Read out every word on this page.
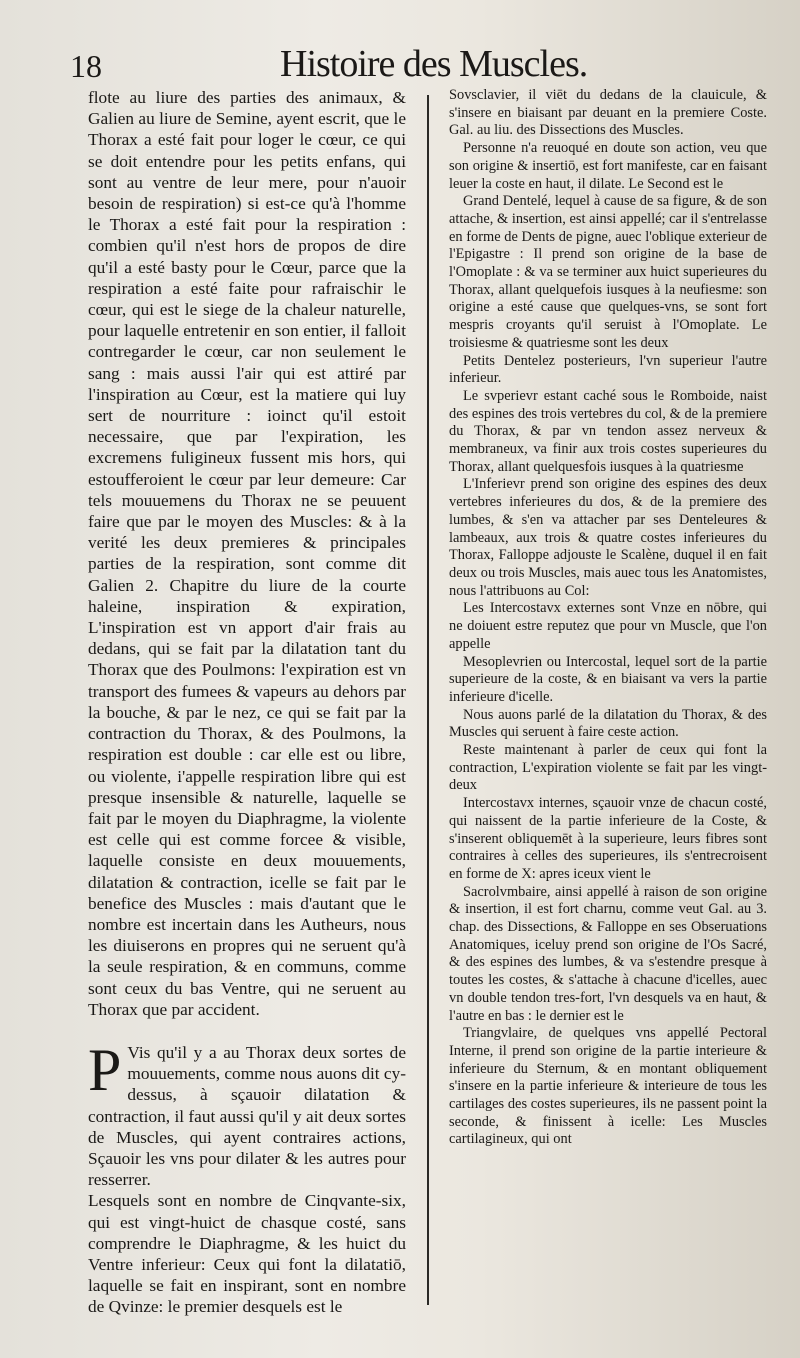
18	Histoire des Muscles.

flote au liure des parties des animaux, & Galien au liure de Semine, ayent escrit, que le Thorax a esté fait pour loger le cœur, ce qui se doit entendre pour les petits enfans, qui sont au ventre de leur mere, pour n'auoir besoin de respiration) si est-ce qu'à l'homme le Thorax a esté fait pour la respiration : combien qu'il n'est hors de propos de dire qu'il a esté basty pour le Cœur, parce que la respiration a esté faite pour rafraischir le cœur, qui est le siege de la chaleur naturelle, pour laquelle entretenir en son entier, il falloit contregarder le cœur, car non seulement le sang : mais aussi l'air qui est attiré par l'inspiration au Cœur, est la matiere qui luy sert de nourriture : ioinct qu'il estoit necessaire, que par l'expiration, les excremens fuligineux fussent mis hors, qui estoufferoient le cœur par leur demeure: Car tels mouuemens du Thorax ne se peuuent faire que par le moyen des Muscles: & à la verité les deux premieres & principales parties de la respiration, sont comme dit Galien 2. Chapitre du liure de la courte haleine, inspiration & expiration, L'inspiration est vn apport d'air frais au dedans, qui se fait par la dilatation tant du Thorax que des Poulmons: l'expiration est vn transport des fumees & vapeurs au dehors par la bouche, & par le nez, ce qui se fait par la contraction du Thorax, & des Poulmons, la respiration est double : car elle est ou libre, ou violente, i'appelle respiration libre qui est presque insensible & naturelle, laquelle se fait par le moyen du Diaphragme, la violente est celle qui est comme forcee & visible, laquelle consiste en deux mouuements, dilatation & contraction, icelle se fait par le benefice des Muscles : mais d'autant que le nombre est incertain dans les Autheurs, nous les diuiserons en propres qui ne seruent qu'à la seule respiration, & en communs, comme sont ceux du bas Ventre, qui ne seruent au Thorax que par accident.

P Vis qu'il y a au Thorax deux sortes de mouuements, comme nous auons dit cy-dessus, à sçauoir dilatation & contraction, il faut aussi qu'il y ait deux sortes de Muscles, qui ayent contraires actions, Sçauoir les vns pour dilater & les autres pour resserrer.

Lesquels sont en nombre de Cinqvante-six, qui est vingt-huict de chasque costé, sans comprendre le Diaphragme, & les huict du Ventre inferieur: Ceux qui font la dilatatiō, laquelle se fait en inspirant, sont en nombre de Qvinze: le premier desquels est le

Sovsclavier, il viēt du dedans de la clauicule, & s'insere en biaisant par deuant en la premiere Coste. Gal. au liu. des Dissections des Muscles.

Personne n'a reuoqué en doute son action, veu que son origine & insertiō, est fort manifeste, car en faisant leuer la coste en haut, il dilate. Le Second est le

Grand Dentelé, lequel à cause de sa figure, & de son attache, & insertion, est ainsi appellé; car il s'entrelasse en forme de Dents de pigne, auec l'oblique exterieur de l'Epigastre : Il prend son origine de la base de l'Omoplate : & va se terminer aux huict superieures du Thorax, allant quelquefois iusques à la neufiesme: son origine a esté cause que quelques-vns, se sont fort mespris croyants qu'il seruist à l'Omoplate. Le troisiesme & quatriesme sont les deux

Petits Dentelez posterieurs, l'vn superieur l'autre inferieur.

Le svperievr estant caché sous le Romboide, naist des espines des trois vertebres du col, & de la premiere du Thorax, & par vn tendon assez nerveux & membraneux, va finir aux trois costes superieures du Thorax, allant quelquesfois iusques à la quatriesme

L'Inferievr prend son origine des espines des deux vertebres inferieures du dos, & de la premiere des lumbes, & s'en va attacher par ses Denteleures & lambeaux, aux trois & quatre costes inferieures du Thorax, Falloppe adjouste le Scalène, duquel il en fait deux ou trois Muscles, mais auec tous les Anatomistes, nous l'attribuons au Col:

Les Intercostavx externes sont Vnze en nōbre, qui ne doiuent estre reputez que pour vn Muscle, que l'on appelle

Mesoplevrien ou Intercostal, lequel sort de la partie superieure de la coste, & en biaisant va vers la partie inferieure d'icelle.

Nous auons parlé de la dilatation du Thorax, & des Muscles qui seruent à faire ceste action.

Reste maintenant à parler de ceux qui font la contraction, L'expiration violente se fait par les vingt-deux

Intercostavx internes, sçauoir vnze de chacun costé, qui naissent de la partie inferieure de la Coste, & s'inserent obliquemēt à la superieure, leurs fibres sont contraires à celles des superieures, ils s'entrecroisent en forme de X: apres iceux vient le

Sacrolvmbaire, ainsi appellé à raison de son origine & insertion, il est fort charnu, comme veut Gal. au 3. chap. des Dissections, & Falloppe en ses Obseruations Anatomiques, iceluy prend son origine de l'Os Sacré, & des espines des lumbes, & va s'estendre presque à toutes les costes, & s'attache à chacune d'icelles, auec vn double tendon tres-fort, l'vn desquels va en haut, & l'autre en bas : le dernier est le

Triangvlaire, de quelques vns appellé Pectoral Interne, il prend son origine de la partie interieure & inferieure du Sternum, & en montant obliquement s'insere en la partie inferieure & interieure de tous les cartilages des costes superieures, ils ne passent point la seconde, & finissent à icelle: Les Muscles cartilagineux, qui ont
